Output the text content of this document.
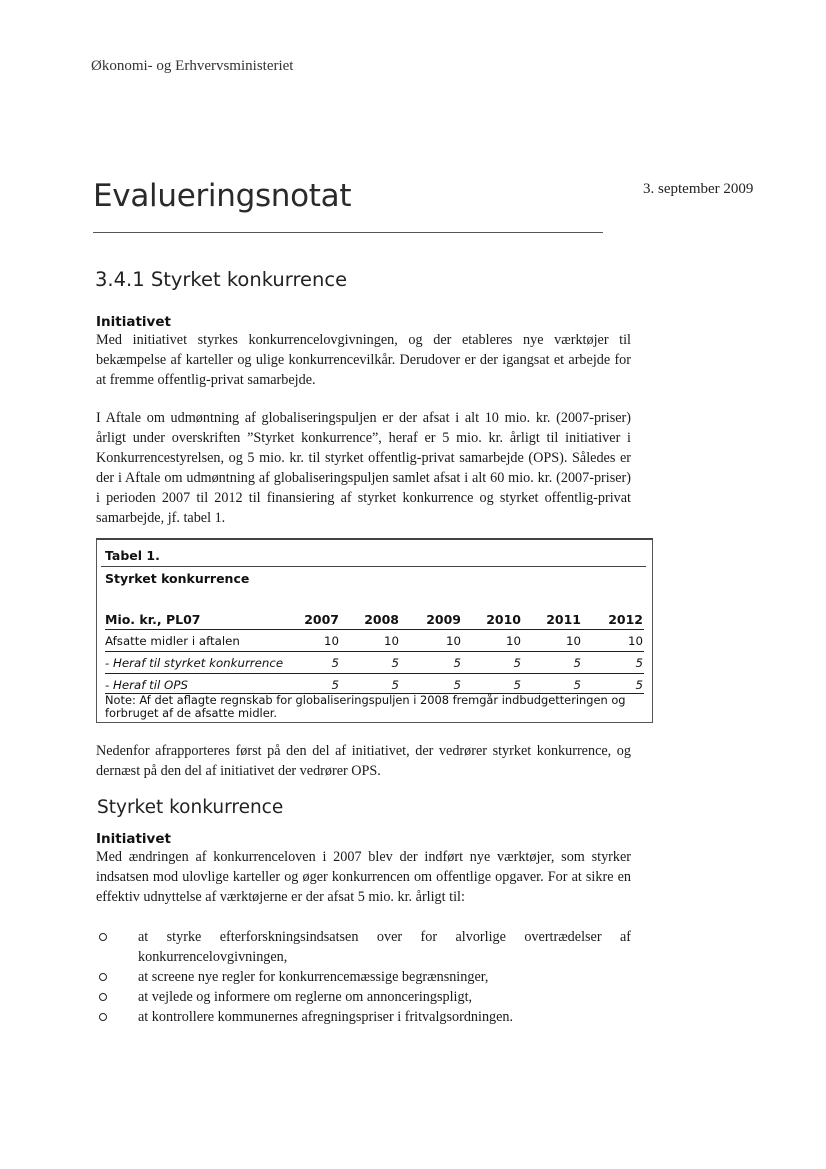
Økonomi- og Erhvervsministeriet
Evalueringsnotat	3. september 2009
3.4.1 Styrket konkurrence
Initiativet

Med initiativet styrkes konkurrencelovgivningen, og der etableres nye værktøjer til bekæmpelse af karteller og ulige konkurrencevilkår. Derudover er der igangsat et arbejde for at fremme offentlig-privat samarbejde.

I Aftale om udmøntning af globaliseringspuljen er der afsat i alt 10 mio. kr. (2007-priser) årligt under overskriften ”Styrket konkurrence”, heraf er 5 mio. kr. årligt til initiativer i Konkurrencestyrelsen, og 5 mio. kr. til styrket offentlig-privat samarbejde (OPS). Således er der i Aftale om udmøntning af globaliseringspuljen samlet afsat i alt 60 mio. kr. (2007-priser) i perioden 2007 til 2012 til finansiering af styrket konkurrence og styrket offentlig-privat samarbejde, jf. tabel 1.

Tabel 1.
Styrket konkurrence
Mio. kr., PL07	2007	2008	2009	2010	2011	2012
Afsatte midler i aftalen	10	10	10	10	10	10
- Heraf til styrket konkurrence	5	5	5	5	5	5
- Heraf til OPS	5	5	5	5	5	5
Note: Af det aflagte regnskab for globaliseringspuljen i 2008 fremgår indbudgetteringen og forbruget af de afsatte midler.

Nedenfor afrapporteres først på den del af initiativet, der vedrører styrket konkurrence, og dernæst på den del af initiativet der vedrører OPS.

Styrket konkurrence
Initiativet

Med ændringen af konkurrenceloven i 2007 blev der indført nye værktøjer, som styrker indsatsen mod ulovlige karteller og øger konkurrencen om offentlige opgaver. For at sikre en effektiv udnyttelse af værktøjerne er der afsat 5 mio. kr. årligt til:

at styrke efterforskningsindsatsen over for alvorlige overtrædelser af konkurrencelovgivningen,
at screene nye regler for konkurrencemæssige begrænsninger,
at vejlede og informere om reglerne om annonceringspligt,
at kontrollere kommunernes afregningspriser i fritvalgsordningen.
